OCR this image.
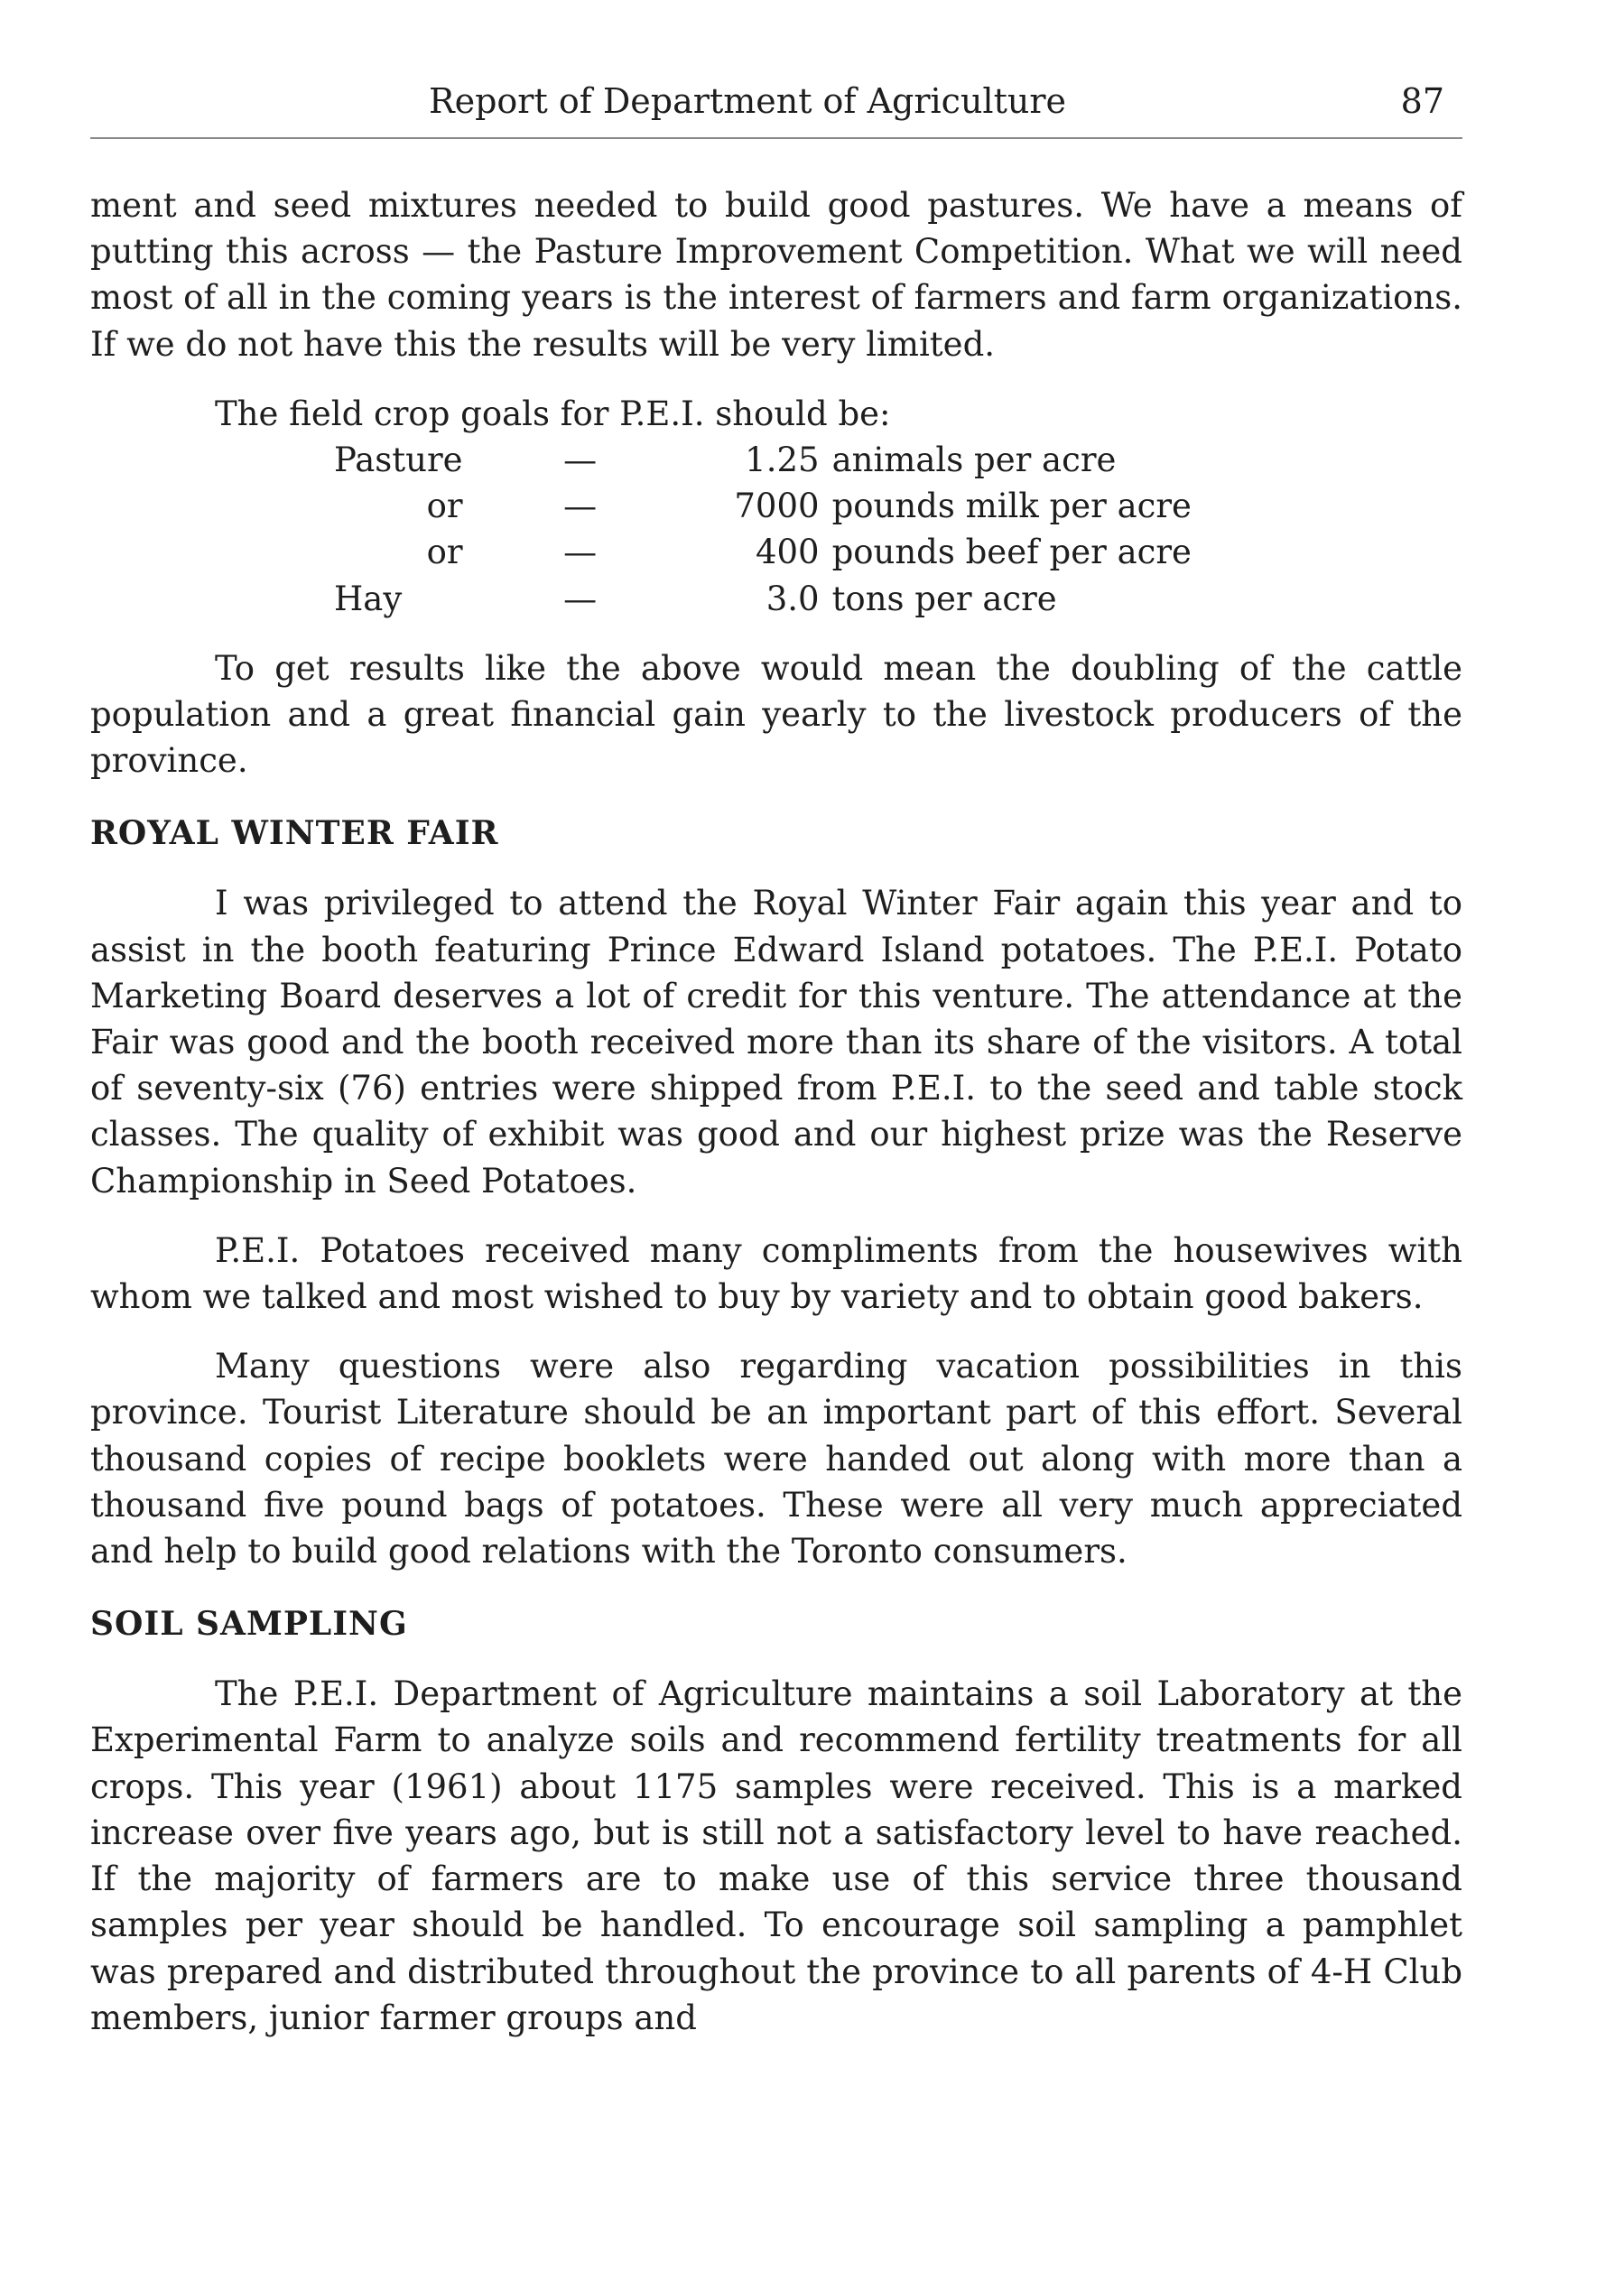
Report of Department of Agriculture	87

ment and seed mixtures needed to build good pastures. We have a means of putting this across — the Pasture Improvement Competition. What we will need most of all in the coming years is the interest of farmers and farm organizations. If we do not have this the results will be very limited.

The field crop goals for P.E.I. should be:

Pasture	—	1.25	animals per acre
or	—	7000	pounds milk per acre
or	—	400	pounds beef per acre
Hay	—	3.0	tons per acre

To get results like the above would mean the doubling of the cattle population and a great financial gain yearly to the livestock producers of the province.

ROYAL WINTER FAIR

I was privileged to attend the Royal Winter Fair again this year and to assist in the booth featuring Prince Edward Island potatoes. The P.E.I. Potato Marketing Board deserves a lot of credit for this venture. The attendance at the Fair was good and the booth received more than its share of the visitors. A total of seventy-six (76) entries were shipped from P.E.I. to the seed and table stock classes. The quality of exhibit was good and our highest prize was the Reserve Championship in Seed Potatoes.

P.E.I. Potatoes received many compliments from the housewives with whom we talked and most wished to buy by variety and to obtain good bakers.

Many questions were also regarding vacation possibilities in this province. Tourist Literature should be an important part of this effort. Several thousand copies of recipe booklets were handed out along with more than a thousand five pound bags of potatoes. These were all very much appreciated and help to build good relations with the Toronto consumers.

SOIL SAMPLING

The P.E.I. Department of Agriculture maintains a soil Laboratory at the Experimental Farm to analyze soils and recommend fertility treatments for all crops. This year (1961) about 1175 samples were received. This is a marked increase over five years ago, but is still not a satisfactory level to have reached. If the majority of farmers are to make use of this service three thousand samples per year should be handled. To encourage soil sampling a pamphlet was prepared and distributed throughout the province to all parents of 4-H Club members, junior farmer groups and
